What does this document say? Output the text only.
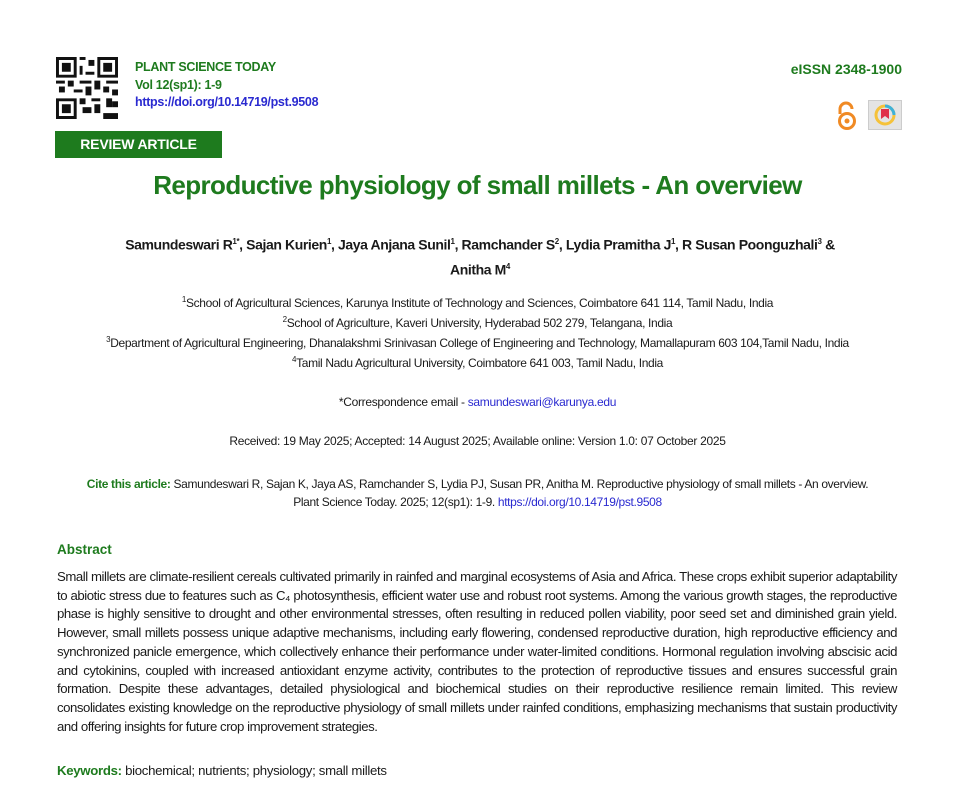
PLANT SCIENCE TODAY
Vol 12(sp1): 1-9
https://doi.org/10.14719/pst.9508
REVIEW ARTICLE
eISSN 2348-1900
Reproductive physiology of small millets - An overview
Samundeswari $R^{1*}$, Sajan Kurien$^1$, Jaya Anjana Sunil$^1$, Ramchander $S^2$, Lydia Pramitha $J^1$, R Susan Poonguzhali$^3$ &
Anitha $M^4$
$^1$School of Agricultural Sciences, Karunya Institute of Technology and Sciences, Coimbatore 641 114, Tamil Nadu, India
$^2$School of Agriculture, Kaveri University, Hyderabad 502 279, Telangana, India
$^3$Department of Agricultural Engineering, Dhanalakshmi Srinivasan College of Engineering and Technology, Mamallapuram 603 104,Tamil Nadu, India
$^4$Tamil Nadu Agricultural University, Coimbatore 641 003, Tamil Nadu, India
*Correspondence email - samundeswari@karunya.edu
Received: 19 May 2025; Accepted: 14 August 2025; Available online: Version 1.0: 07 October 2025
Cite this article: Samundeswari R, Sajan K, Jaya AS, Ramchander S, Lydia PJ, Susan PR, Anitha M. Reproductive physiology of small millets - An overview. Plant Science Today. 2025; 12(sp1): 1-9. https://doi.org/10.14719/pst.9508
Abstract
Small millets are climate-resilient cereals cultivated primarily in rainfed and marginal ecosystems of Asia and Africa. These crops exhibit superior adaptability to abiotic stress due to features such as C₄ photosynthesis, efficient water use and robust root systems. Among the various growth stages, the reproductive phase is highly sensitive to drought and other environmental stresses, often resulting in reduced pollen viability, poor seed set and diminished grain yield. However, small millets possess unique adaptive mechanisms, including early flowering, condensed reproductive duration, high reproductive efficiency and synchronized panicle emergence, which collectively enhance their performance under water-limited conditions. Hormonal regulation involving abscisic acid and cytokinins, coupled with increased antioxidant enzyme activity, contributes to the protection of reproductive tissues and ensures successful grain formation. Despite these advantages, detailed physiological and biochemical studies on their reproductive resilience remain limited. This review consolidates existing knowledge on the reproductive physiology of small millets under rainfed conditions, emphasizing mechanisms that sustain productivity and offering insights for future crop improvement strategies.
Keywords: biochemical; nutrients; physiology; small millets
